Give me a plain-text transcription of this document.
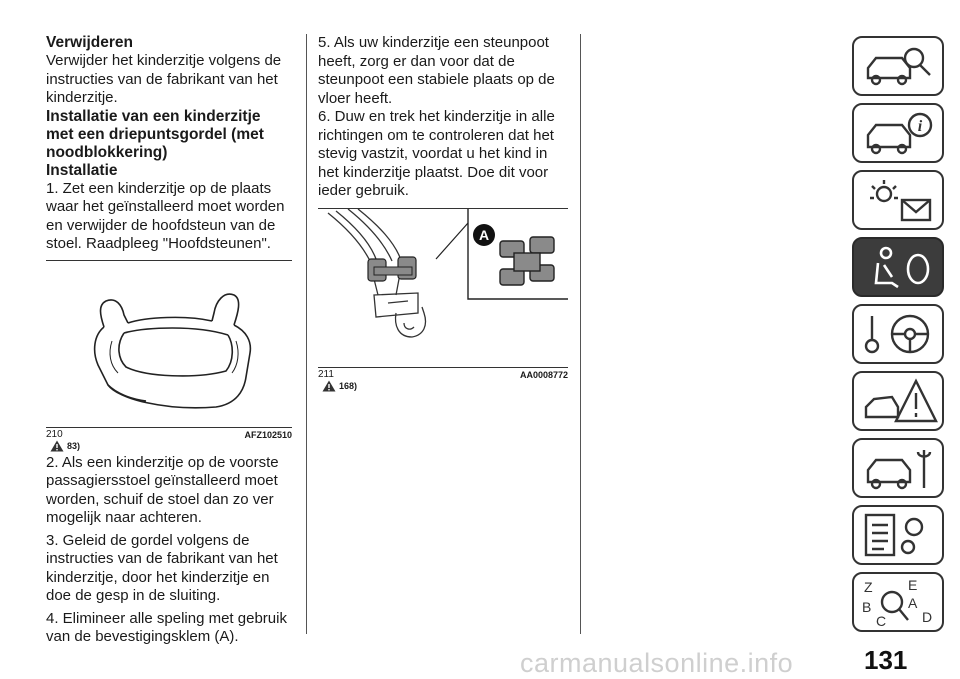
Verwijderen

Verwijder het kinderzitje volgens de instructies van de fabrikant van het kinderzitje.

Installatie van een kinderzitje met een driepuntsgordel (met noodblokkering)
Installatie

1. Zet een kinderzitje op de plaats waar het geïnstalleerd moet worden en verwijder de hoofdsteun van de stoel. Raadpleeg "Hoofdsteunen".

210	AFZ102510
83)

2. Als een kinderzitje op de voorste passagiersstoel geïnstalleerd moet worden, schuif de stoel dan zo ver mogelijk naar achteren.

3. Geleid de gordel volgens de instructies van de fabrikant van het kinderzitje, door het kinderzitje en doe de gesp in de sluiting.

4. Elimineer alle speling met gebruik van de bevestigingsklem (A).

5. Als uw kinderzitje een steunpoot heeft, zorg er dan voor dat de steunpoot een stabiele plaats op de vloer heeft.

6. Duw en trek het kinderzitje in alle richtingen om te controleren dat het stevig vastzit, voordat u het kind in het kinderzitje plaatst. Doe dit voor ieder gebruik.

A
211	AA0008772
168)
i
Z	E
B	A
C	D
131
carmanualsonline.info
